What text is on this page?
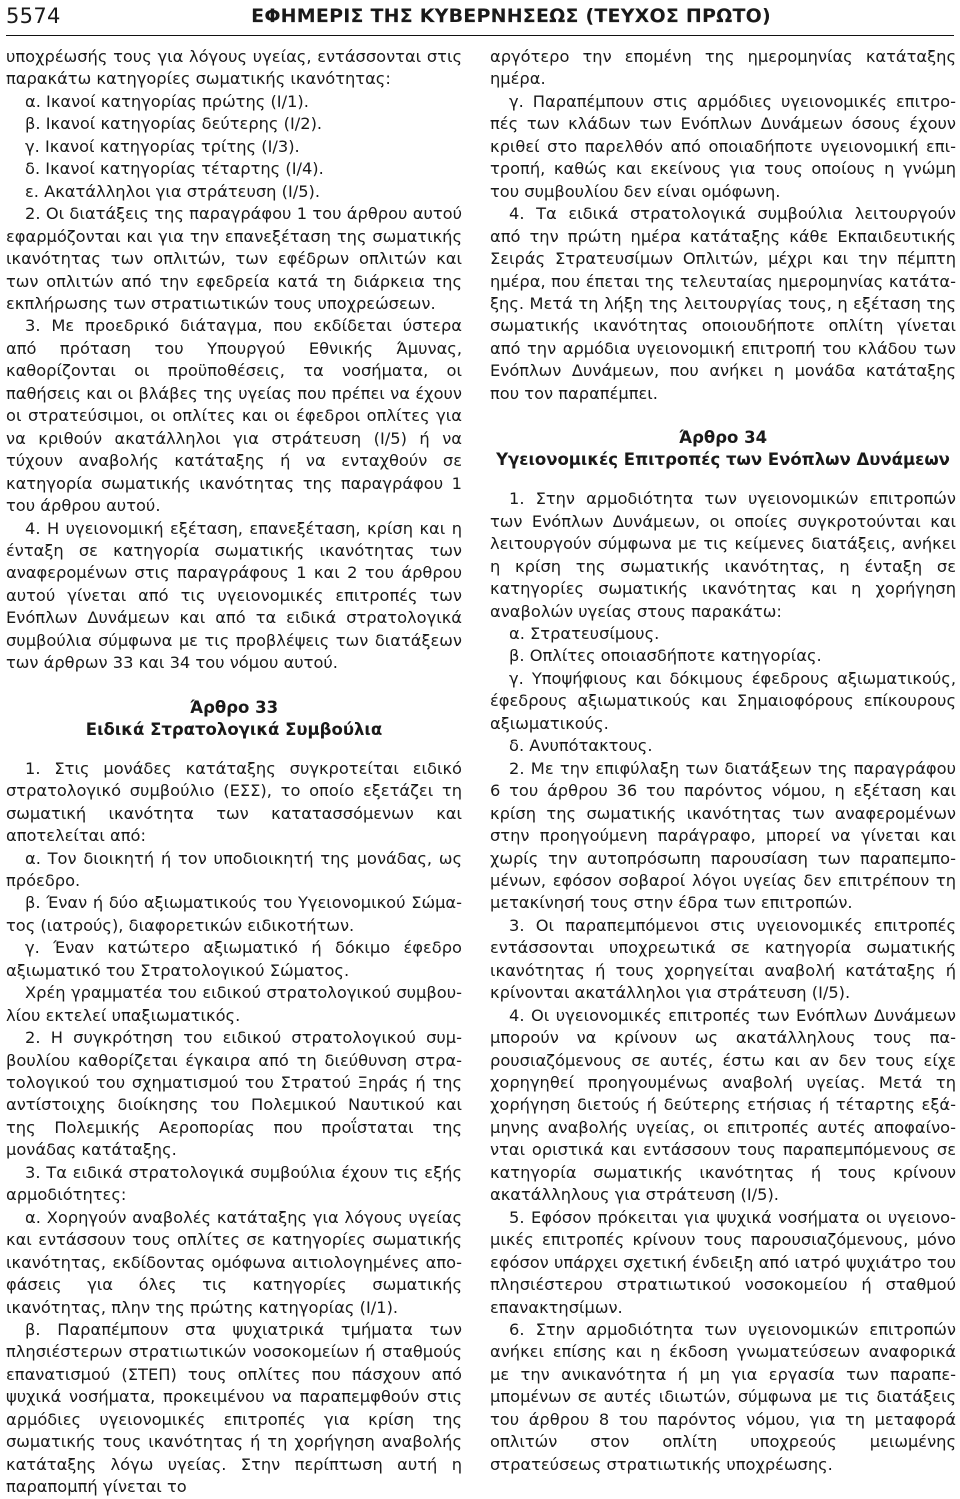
5574	ΕΦΗΜΕΡΙΣ ΤΗΣ ΚΥΒΕΡΝΗΣΕΩΣ (ΤΕΥΧΟΣ ΠΡΩΤΟ)

υποχρέωσής τους για λόγους υγείας, εντάσσονται στις παρακάτω κατηγορίες σωματικής ικανότητας:

α. Ικανοί κατηγορίας πρώτης (Ι/1).

β. Ικανοί κατηγορίας δεύτερης (Ι/2).

γ. Ικανοί κατηγορίας τρίτης (Ι/3).

δ. Ικανοί κατηγορίας τέταρτης (Ι/4).

ε. Ακατάλληλοι για στράτευση (Ι/5).

2. Οι διατάξεις της παραγράφου 1 του άρθρου αυτού εφαρμόζονται και για την επανεξέταση της σωματικής ικανότητας των οπλιτών, των εφέδρων οπλιτών και των οπλιτών από την εφεδρεία κατά τη διάρκεια της εκπλήρωσης των στρατιωτικών τους υποχρεώσεων.

3. Με προεδρικό διάταγμα, που εκδίδεται ύστερα από πρόταση του Υπουργού Εθνικής Άμυνας, καθορίζονται οι προϋποθέσεις, τα νοσήματα, οι παθήσεις και οι βλάβες της υγείας που πρέπει να έχουν οι στρατεύσιμοι, οι οπλίτες και οι έφεδροι οπλίτες για να κριθούν ακατάλληλοι για στράτευση (Ι/5) ή να τύχουν αναβολής κατάταξης ή να ενταχθούν σε κατηγορία σωματικής ικανότητας της παραγράφου 1 του άρθρου αυτού.

4. Η υγειονομική εξέταση, επανεξέταση, κρίση και η ένταξη σε κατηγορία σωματικής ικανότητας των αναφερομένων στις παραγράφους 1 και 2 του άρθρου αυτού γίνεται από τις υγειονομικές επιτροπές των Ενόπλων Δυνάμεων και από τα ειδικά στρατολογικά συμβούλια σύμφωνα με τις προβλέψεις των διατάξεων των άρθρων 33 και 34 του νόμου αυτού.

Άρθρο 33
Ειδικά Στρατολογικά Συμβούλια

1. Στις μονάδες κατάταξης συγκροτείται ειδικό στρατολογικό συμβούλιο (ΕΣΣ), το οποίο εξετάζει τη σωματική ικανότητα των κατατασσόμενων και αποτελείται από:

α. Τον διοικητή ή τον υποδιοικητή της μονάδας, ως πρόεδρο.

β. Έναν ή δύο αξιωματικούς του Υγειονομικού Σώματος (ιατρούς), διαφορετικών ειδικοτήτων.

γ. Έναν κατώτερο αξιωματικό ή δόκιμο έφεδρο αξιωματικό του Στρατολογικού Σώματος.

Χρέη γραμματέα του ειδικού στρατολογικού συμβουλίου εκτελεί υπαξιωματικός.

2. Η συγκρότηση του ειδικού στρατολογικού συμβουλίου καθορίζεται έγκαιρα από τη διεύθυνση στρατολογικού του σχηματισμού του Στρατού Ξηράς ή της αντίστοιχης διοίκησης του Πολεμικού Ναυτικού και της Πολεμικής Αεροπορίας που προΐσταται της μονάδας κατάταξης.

3. Τα ειδικά στρατολογικά συμβούλια έχουν τις εξής αρμοδιότητες:

α. Χορηγούν αναβολές κατάταξης για λόγους υγείας και εντάσσουν τους οπλίτες σε κατηγορίες σωματικής ικανότητας, εκδίδοντας ομόφωνα αιτιολογημένες αποφάσεις για όλες τις κατηγορίες σωματικής ικανότητας, πλην της πρώτης κατηγορίας (Ι/1).

β. Παραπέμπουν στα ψυχιατρικά τμήματα των πλησιέστερων στρατιωτικών νοσοκομείων ή σταθμούς επανατισμού (ΣΤΕΠ) τους οπλίτες που πάσχουν από ψυχικά νοσήματα, προκειμένου να παραπεμφθούν στις αρμόδιες υγειονομικές επιτροπές για κρίση της σωματικής τους ικανότητας ή τη χορήγηση αναβολής κατάταξης λόγω υγείας. Στην περίπτωση αυτή η παραπομπή γίνεται το

αργότερο την επομένη της ημερομηνίας κατάταξης ημέρα.

γ. Παραπέμπουν στις αρμόδιες υγειονομικές επιτροπές των κλάδων των Ενόπλων Δυνάμεων όσους έχουν κριθεί στο παρελθόν από οποιαδήποτε υγειονομική επιτροπή, καθώς και εκείνους για τους οποίους η γνώμη του συμβουλίου δεν είναι ομόφωνη.

4. Τα ειδικά στρατολογικά συμβούλια λειτουργούν από την πρώτη ημέρα κατάταξης κάθε Εκπαιδευτικής Σειράς Στρατευσίμων Οπλιτών, μέχρι και την πέμπτη ημέρα, που έπεται της τελευταίας ημερομηνίας κατάταξης. Μετά τη λήξη της λειτουργίας τους, η εξέταση της σωματικής ικανότητας οποιουδήποτε οπλίτη γίνεται από την αρμόδια υγειονομική επιτροπή του κλάδου των Ενόπλων Δυνάμεων, που ανήκει η μονάδα κατάταξης που τον παραπέμπει.

Άρθρο 34
Υγειονομικές Επιτροπές των Ενόπλων Δυνάμεων

1. Στην αρμοδιότητα των υγειονομικών επιτροπών των Ενόπλων Δυνάμεων, οι οποίες συγκροτούνται και λειτουργούν σύμφωνα με τις κείμενες διατάξεις, ανήκει η κρίση της σωματικής ικανότητας, η ένταξη σε κατηγορίες σωματικής ικανότητας και η χορήγηση αναβολών υγείας στους παρακάτω:

α. Στρατευσίμους.

β. Οπλίτες οποιασδήποτε κατηγορίας.

γ. Υποψήφιους και δόκιμους έφεδρους αξιωματικούς, έφεδρους αξιωματικούς και Σημαιοφόρους επίκουρους αξιωματικούς.

δ. Ανυπότακτους.

2. Με την επιφύλαξη των διατάξεων της παραγράφου 6 του άρθρου 36 του παρόντος νόμου, η εξέταση και κρίση της σωματικής ικανότητας των αναφερομένων στην προηγούμενη παράγραφο, μπορεί να γίνεται και χωρίς την αυτοπρόσωπη παρουσίαση των παραπεμπομένων, εφόσον σοβαροί λόγοι υγείας δεν επιτρέπουν τη μετακίνησή τους στην έδρα των επιτροπών.

3. Οι παραπεμπόμενοι στις υγειονομικές επιτροπές εντάσσονται υποχρεωτικά σε κατηγορία σωματικής ικανότητας ή τους χορηγείται αναβολή κατάταξης ή κρίνονται ακατάλληλοι για στράτευση (Ι/5).

4. Οι υγειονομικές επιτροπές των Ενόπλων Δυνάμεων μπορούν να κρίνουν ως ακατάλληλους τους παρουσιαζόμενους σε αυτές, έστω και αν δεν τους είχε χορηγηθεί προηγουμένως αναβολή υγείας. Μετά τη χορήγηση διετούς ή δεύτερης ετήσιας ή τέταρτης εξάμηνης αναβολής υγείας, οι επιτροπές αυτές αποφαίνονται οριστικά και εντάσσουν τους παραπεμπόμενους σε κατηγορία σωματικής ικανότητας ή τους κρίνουν ακατάλληλους για στράτευση (Ι/5).

5. Εφόσον πρόκειται για ψυχικά νοσήματα οι υγειονομικές επιτροπές κρίνουν τους παρουσιαζόμενους, μόνο εφόσον υπάρχει σχετική ένδειξη από ιατρό ψυχιάτρο του πλησιέστερου στρατιωτικού νοσοκομείου ή σταθμού επανακτησίμων.

6. Στην αρμοδιότητα των υγειονομικών επιτροπών ανήκει επίσης και η έκδοση γνωματεύσεων αναφορικά με την ανικανότητα ή μη για εργασία των παραπεμπομένων σε αυτές ιδιωτών, σύμφωνα με τις διατάξεις του άρθρου 8 του παρόντος νόμου, για τη μεταφορά οπλιτών στον οπλίτη υποχρεούς μειωμένης στρατεύσεως στρατιωτικής υποχρέωσης.
